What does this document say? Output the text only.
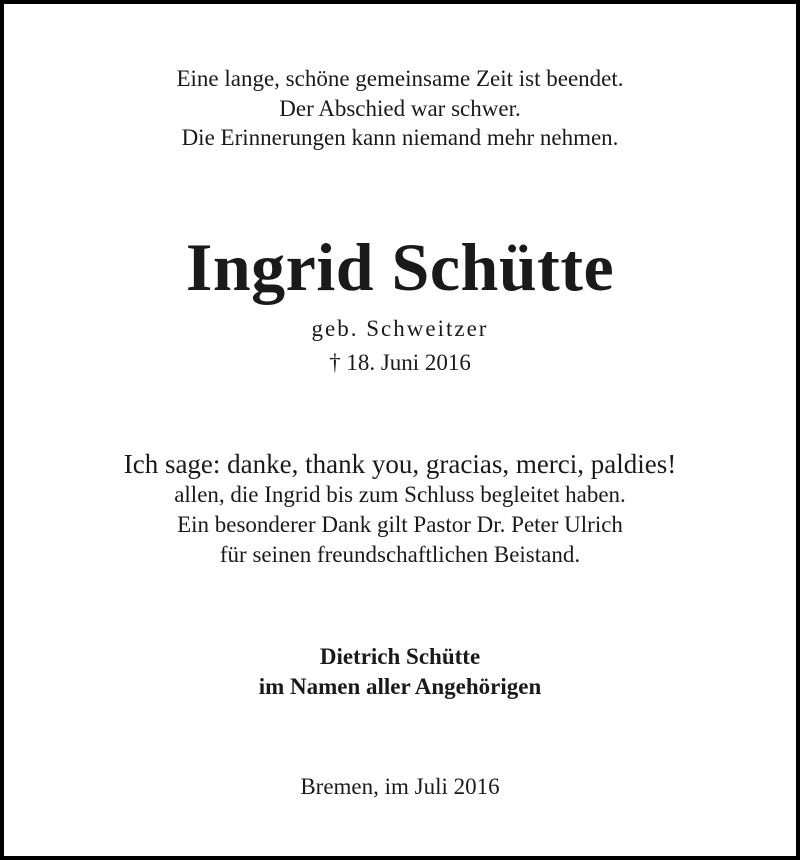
Eine lange, schöne gemeinsame Zeit ist beendet.
Der Abschied war schwer.
Die Erinnerungen kann niemand mehr nehmen.
Ingrid Schütte
geb. Schweitzer
† 18. Juni 2016
Ich sage: danke, thank you, gracias, merci, paldies!
allen, die Ingrid bis zum Schluss begleitet haben.
Ein besonderer Dank gilt Pastor Dr. Peter Ulrich
für seinen freundschaftlichen Beistand.
Dietrich Schütte
im Namen aller Angehörigen
Bremen, im Juli 2016
